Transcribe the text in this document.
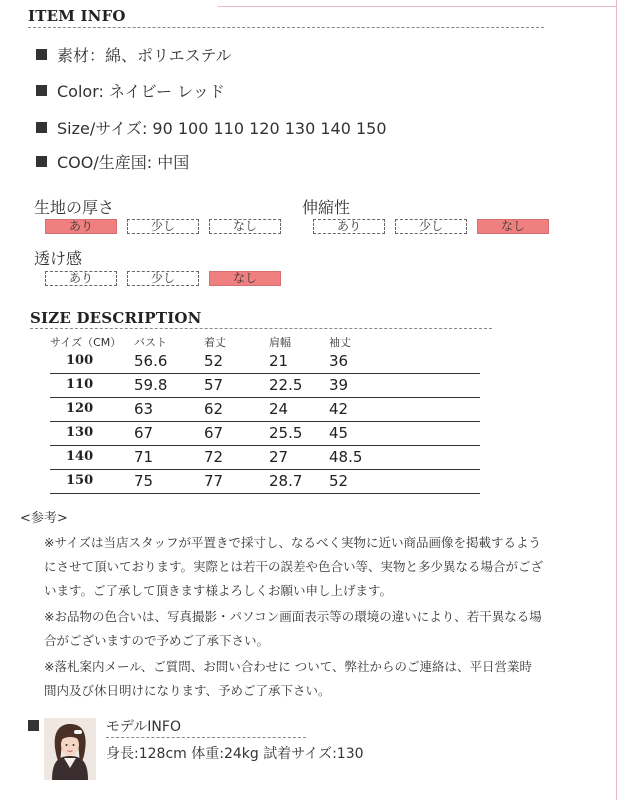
ITEM INFO
素材：綿、ポリエステル
Color: ネイビー レッド
Size/サイズ: 90 100 110 120 130 140 150
COO/生産国: 中国
生地の厚さ
あり	少し	なし
伸縮性
あり	少し	なし
透け感
あり	少し	なし
SIZE DESCRIPTION
サイズ（CM）	バスト	着丈	肩幅	袖丈
100	56.6	52	21	36
110	59.8	57	22.5	39
120	63	62	24	42
130	67	67	25.5	45
140	71	72	27	48.5
150	75	77	28.7	52
<参考>

※サイズは当店スタッフが平置きで採寸し、なるべく実物に近い商品画像を掲載するようにさせて頂いております。実際とは若干の誤差や色合い等、実物と多少異なる場合がございます。ご了承して頂きます様よろしくお願い申し上げます。

※お品物の色合いは、写真撮影・パソコン画面表示等の環境の違いにより、若干異なる場合がございますので予めご了承下さい。

※落札案内メール、ご質問、お問い合わせに ついて、弊社からのご連絡は、平日営業時間内及び休日明けになります、予めご了承下さい。

モデルINFO
身長:128cm 体重:24kg 試着サイズ:130
